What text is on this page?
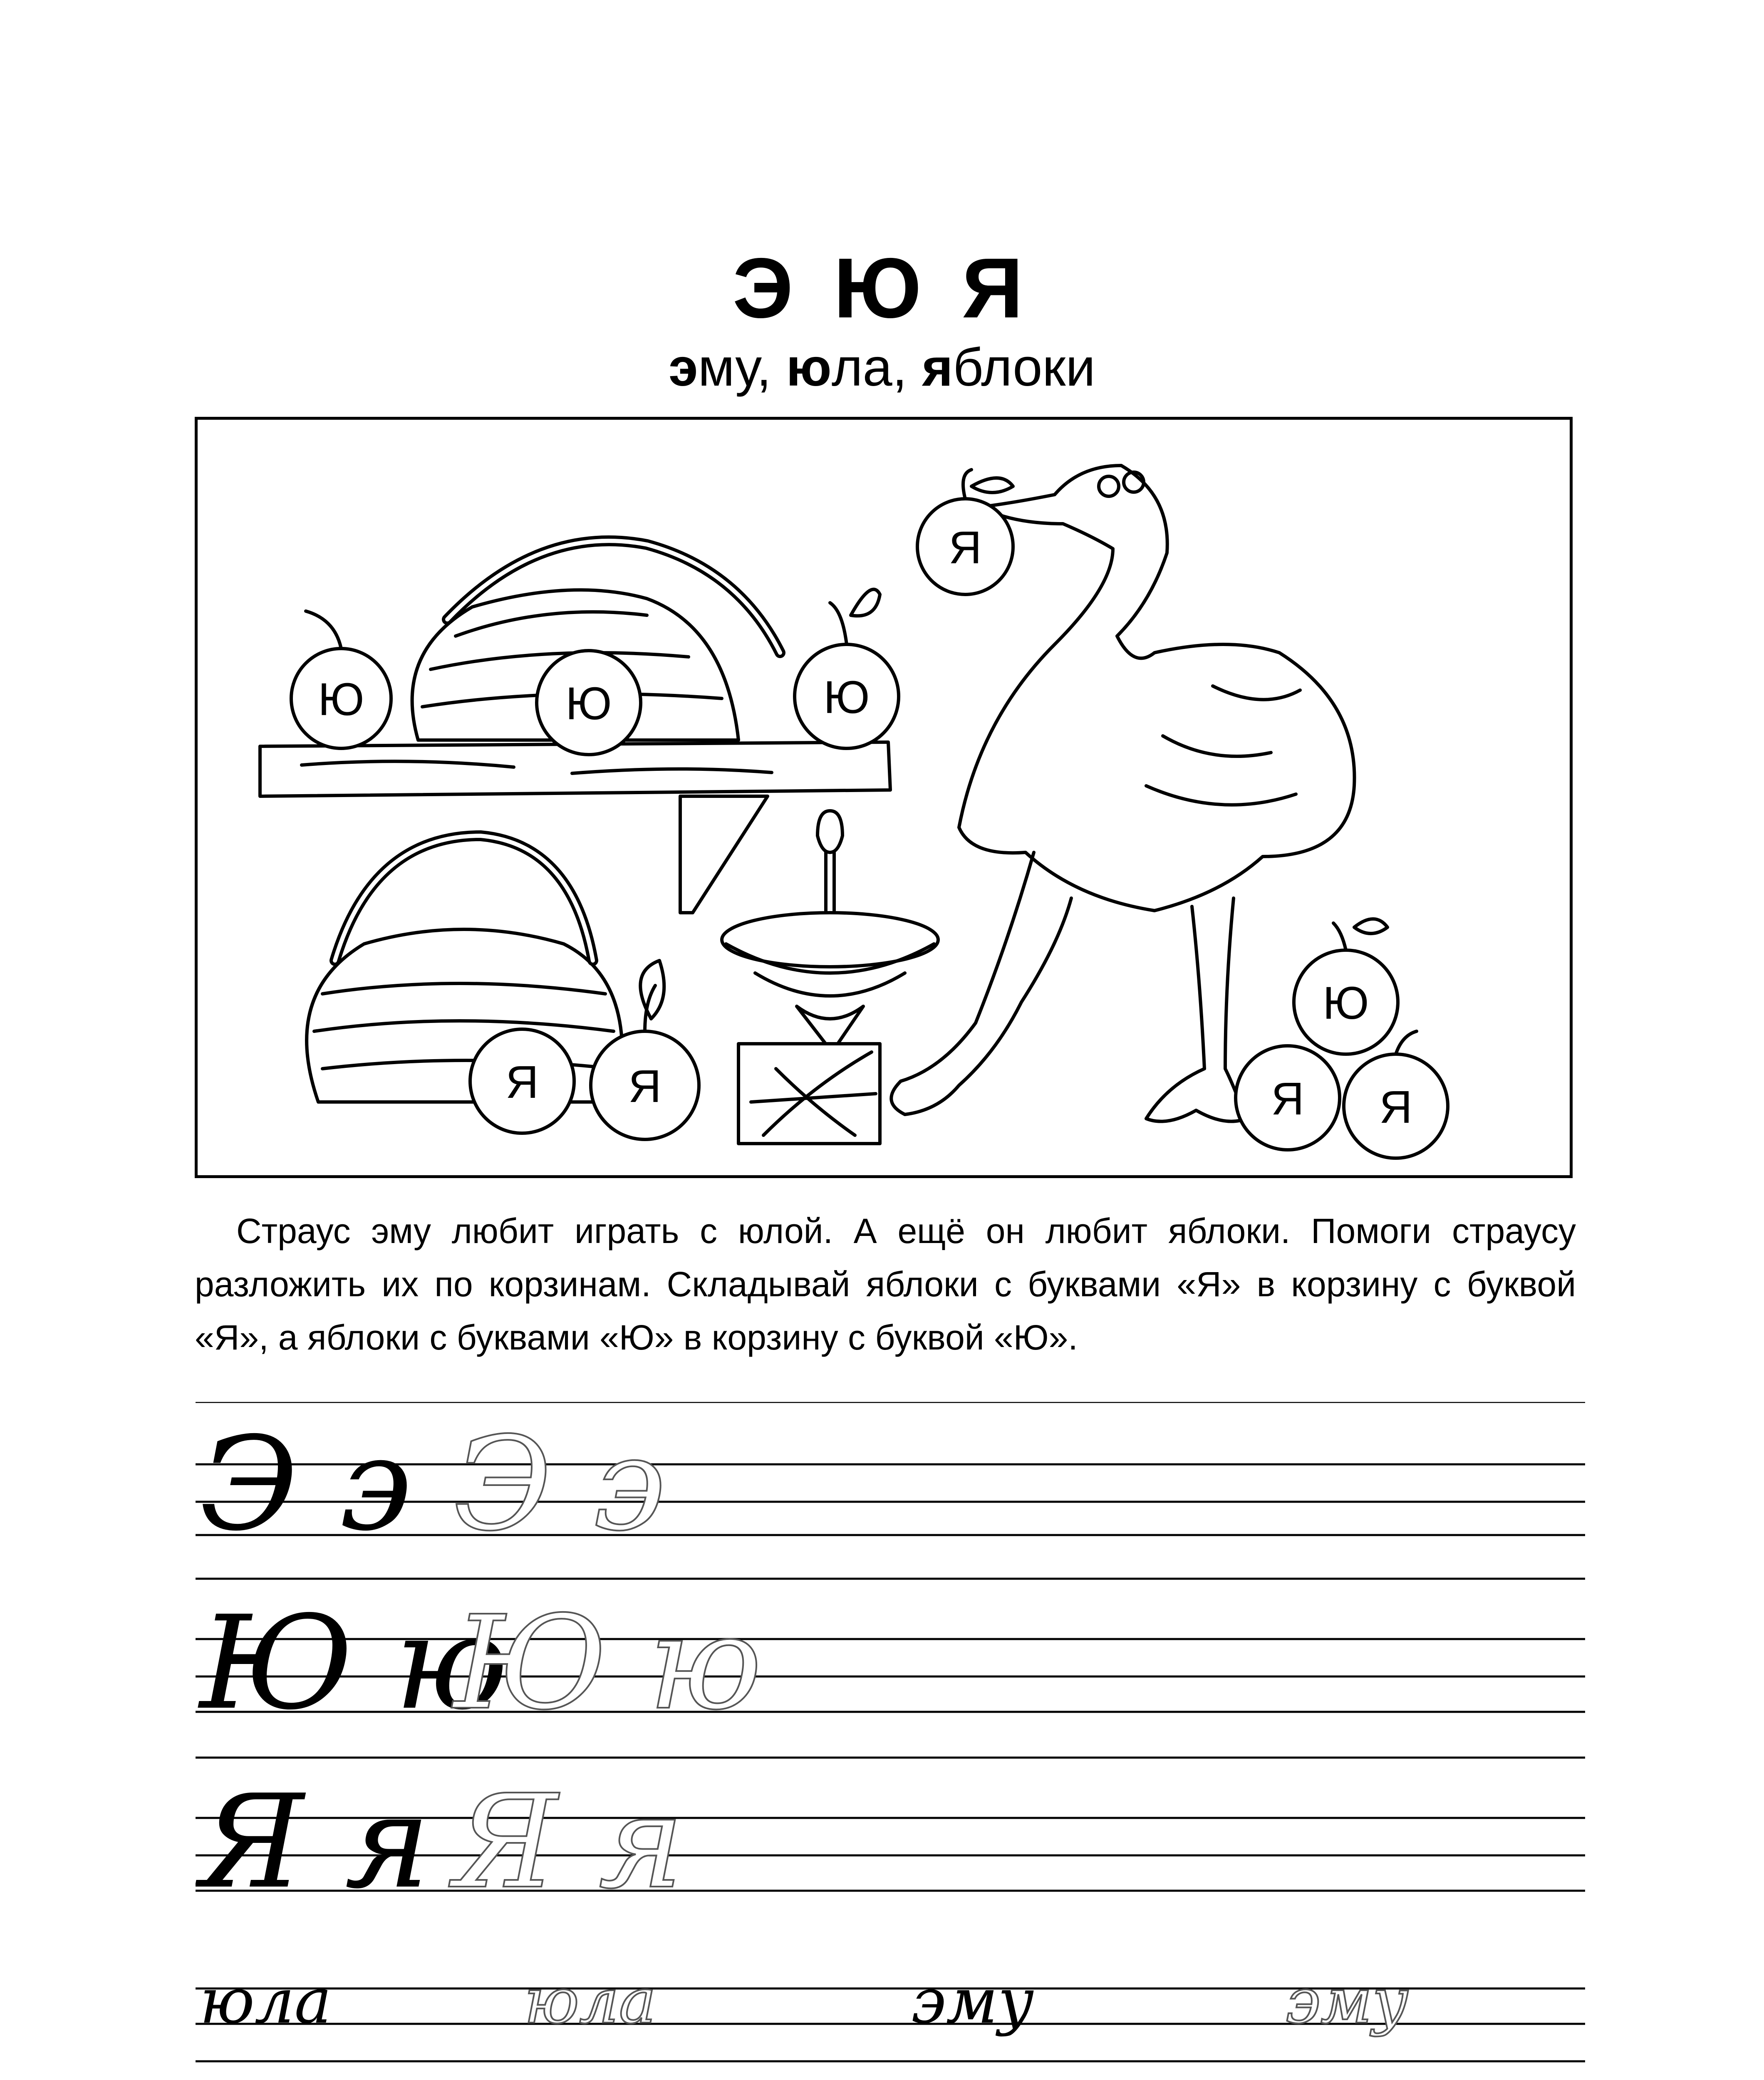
Э Ю Я
эму, юла, яблоки
Я
Ю	Ю	Ю
Я Я
Ю
Я Я

Страус эму любит играть с юлой. А ещё он любит яблоки. Помоги страусу разложить их по корзинам. Складывай яблоки с буквами «Я» в корзину с буквой «Я», а яблоки с буквами «Ю» в корзину с буквой «Ю».

Э э Э э
Ю ю
Ю ю
Я я Я я
юла	юла	эму	эму
